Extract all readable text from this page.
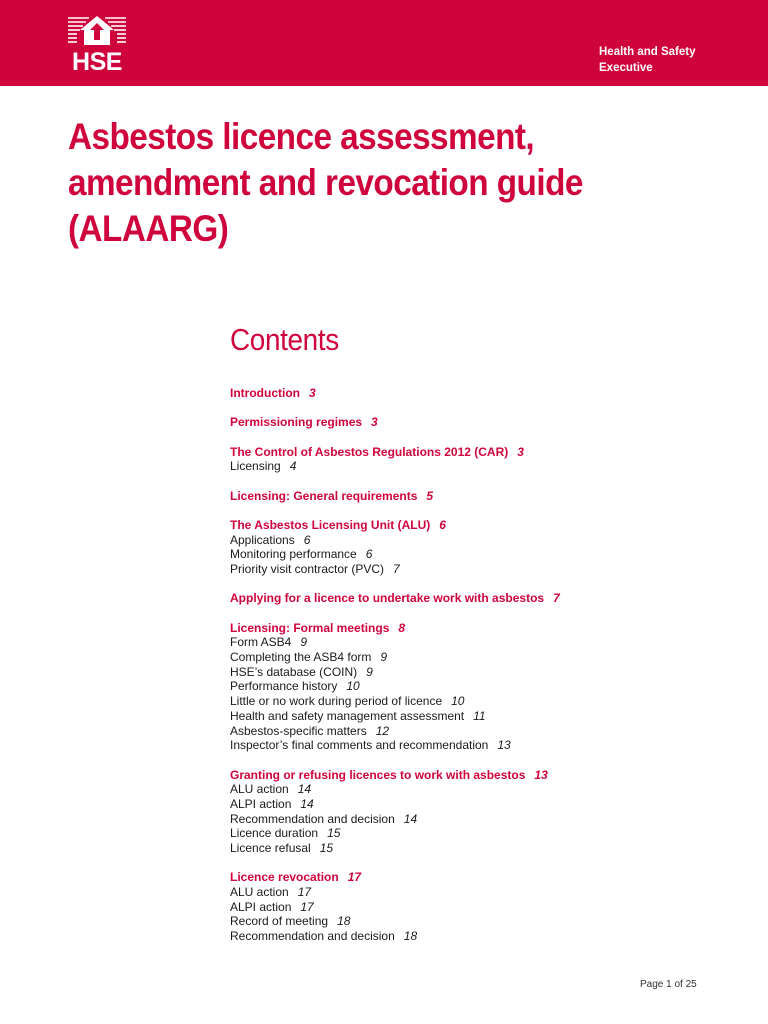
HSE	Health and Safety
Executive
Asbestos licence assessment,
amendment and revocation guide
(ALAARG)
Contents
Introduction 3
Permissioning regimes 3
The Control of Asbestos Regulations 2012 (CAR) 3
Licensing 4
Licensing: General requirements 5
The Asbestos Licensing Unit (ALU) 6
Applications 6
Monitoring performance 6
Priority visit contractor (PVC) 7
Applying for a licence to undertake work with asbestos 7
Licensing: Formal meetings 8
Form ASB4 9
Completing the ASB4 form 9
HSE’s database (COIN) 9
Performance history 10
Little or no work during period of licence 10
Health and safety management assessment 11
Asbestos-specific matters 12
Inspector’s final comments and recommendation 13
Granting or refusing licences to work with asbestos 13
ALU action 14
ALPI action 14
Recommendation and decision 14
Licence duration 15
Licence refusal 15
Licence revocation 17
ALU action 17
ALPI action 17
Record of meeting 18
Recommendation and decision 18
Page 1 of 25
